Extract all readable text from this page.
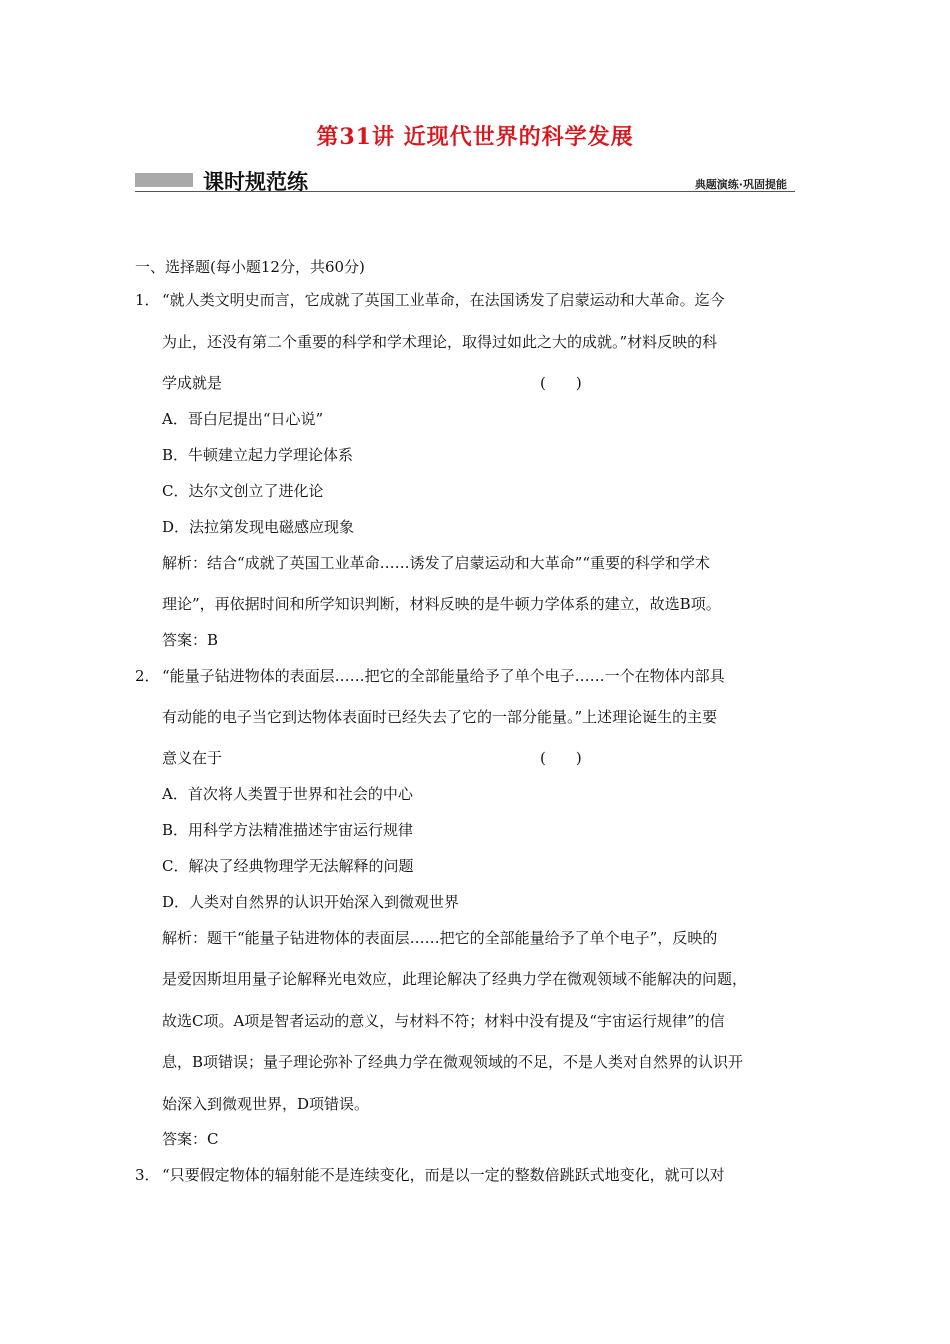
第31讲 近现代世界的科学发展
课时规范练	典题演练·巩固提能
一、选择题(每小题12分，共60分)
1． “就人类文明史而言，它成就了英国工业革命，在法国诱发了启蒙运动和大革命。迄今
为止，还没有第二个重要的科学和学术理论，取得过如此之大的成就。”材料反映的科
学成就是	(　　)
A．哥白尼提出“日心说”
B．牛顿建立起力学理论体系
C．达尔文创立了进化论
D．法拉第发现电磁感应现象
解析：结合“成就了英国工业革命……诱发了启蒙运动和大革命”“重要的科学和学术
理论”，再依据时间和所学知识判断，材料反映的是牛顿力学体系的建立，故选B项。
答案：B
2． “能量子钻进物体的表面层……把它的全部能量给予了单个电子……一个在物体内部具
有动能的电子当它到达物体表面时已经失去了它的一部分能量。”上述理论诞生的主要
意义在于	(　　)
A．首次将人类置于世界和社会的中心
B．用科学方法精准描述宇宙运行规律
C．解决了经典物理学无法解释的问题
D．人类对自然界的认识开始深入到微观世界
解析：题干“能量子钻进物体的表面层……把它的全部能量给予了单个电子”，反映的
是爱因斯坦用量子论解释光电效应，此理论解决了经典力学在微观领域不能解决的问题，
故选C项。A项是智者运动的意义，与材料不符；材料中没有提及“宇宙运行规律”的信
息，B项错误；量子理论弥补了经典力学在微观领域的不足，不是人类对自然界的认识开
始深入到微观世界，D项错误。
答案：C
3． “只要假定物体的辐射能不是连续变化，而是以一定的整数倍跳跃式地变化，就可以对
